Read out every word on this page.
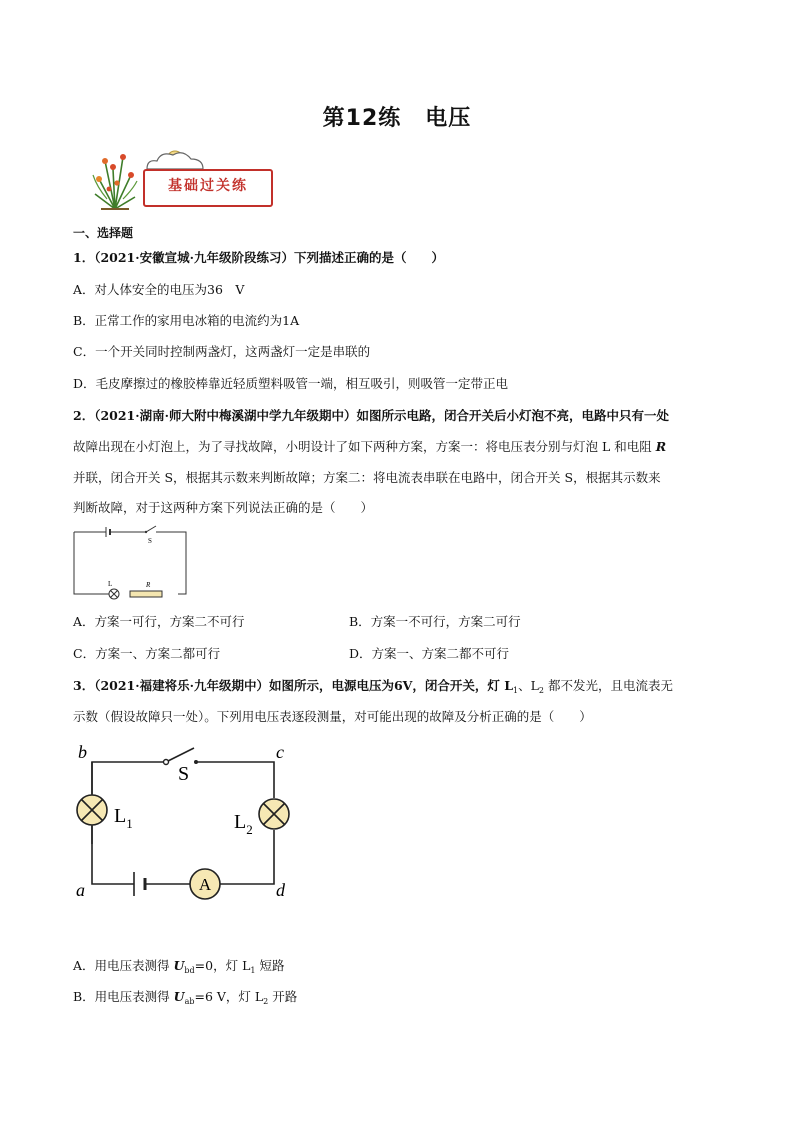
第12练 电压
基础过关练
一、选择题
1．（2021·安徽宣城·九年级阶段练习）下列描述正确的是（　　）
A．对人体安全的电压为36　V
B．正常工作的家用电冰箱的电流约为1A
C．一个开关同时控制两盏灯，这两盏灯一定是串联的
D．毛皮摩擦过的橡胶棒靠近轻质塑料吸管一端，相互吸引，则吸管一定带正电
2．（2021·湖南·师大附中梅溪湖中学九年级期中）如图所示电路，闭合开关后小灯泡不亮，电路中只有一处
故障出现在小灯泡上，为了寻找故障，小明设计了如下两种方案，方案一：将电压表分别与灯泡 L 和电阻 R
并联，闭合开关 S，根据其示数来判断故障；方案二：将电流表串联在电路中，闭合开关 S，根据其示数来
判断故障，对于这两种方案下列说法正确的是（　　）
S
L	R
A．方案一可行，方案二不可行	B．方案一不可行，方案二可行
C．方案一、方案二都可行	D．方案一、方案二都不可行
3．（2021·福建将乐·九年级期中）如图所示，电源电压为6V，闭合开关，灯 $L_1$、$L_2$ 都不发光，且电流表无
示数（假设故障只一处）。下列用电压表逐段测量，对可能出现的故障及分析正确的是（　　）
A
b	c
a	d
S
$L_1$	$L_2$
A．用电压表测得 $U_{bd}=0$，灯 $L_1$ 短路
B．用电压表测得 $U_{ab}=6$ V，灯 $L_2$ 开路
